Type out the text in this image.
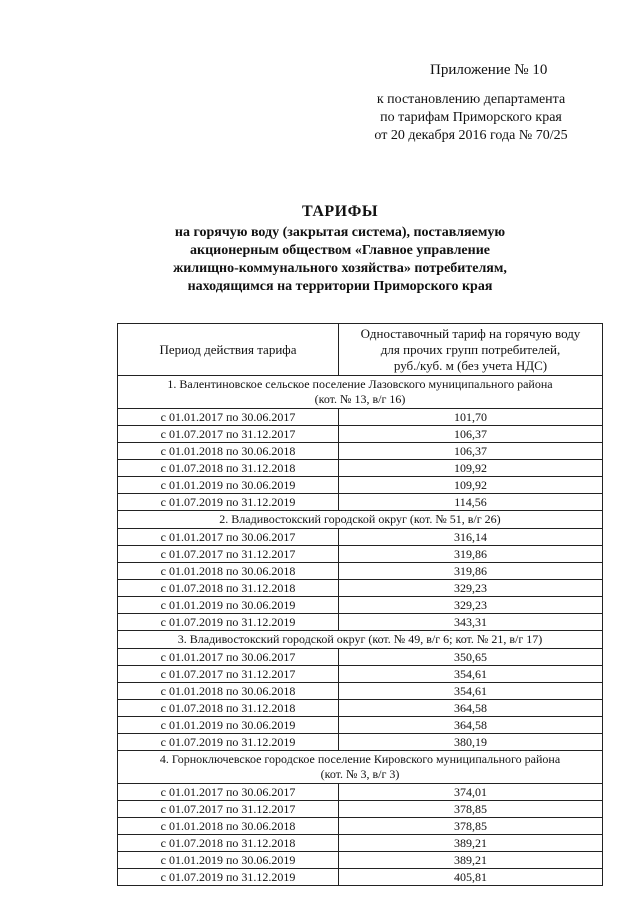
Приложение № 10
к постановлению департамента
по тарифам Приморского края
от 20 декабря 2016 года № 70/25
ТАРИФЫ
на горячую воду (закрытая система), поставляемую
акционерным обществом «Главное управление
жилищно-коммунального хозяйства» потребителям,
находящимся на территории Приморского края
Период действия тарифа	Одноставочный тариф на горячую воду
для прочих групп потребителей,
руб./куб. м (без учета НДС)

1. Валентиновское сельское поселение Лазовского муниципального района
(кот. № 13, в/г 16)	

с 01.01.2017 по 30.06.2017	101,70
с 01.07.2017 по 31.12.2017	106,37
с 01.01.2018 по 30.06.2018	106,37
с 01.07.2018 по 31.12.2018	109,92
с 01.01.2019 по 30.06.2019	109,92
с 01.07.2019 по 31.12.2019	114,56

2. Владивостокский городской округ (кот. № 51, в/г 26)	

с 01.01.2017 по 30.06.2017	316,14
с 01.07.2017 по 31.12.2017	319,86
с 01.01.2018 по 30.06.2018	319,86
с 01.07.2018 по 31.12.2018	329,23
с 01.01.2019 по 30.06.2019	329,23
с 01.07.2019 по 31.12.2019	343,31

3. Владивостокский городской округ (кот. № 49, в/г 6; кот. № 21, в/г 17)	

с 01.01.2017 по 30.06.2017	350,65
с 01.07.2017 по 31.12.2017	354,61
с 01.01.2018 по 30.06.2018	354,61
с 01.07.2018 по 31.12.2018	364,58
с 01.01.2019 по 30.06.2019	364,58
с 01.07.2019 по 31.12.2019	380,19

4. Горноключевское городское поселение Кировского муниципального района
(кот. № 3, в/г 3)	

с 01.01.2017 по 30.06.2017	374,01
с 01.07.2017 по 31.12.2017	378,85
с 01.01.2018 по 30.06.2018	378,85
с 01.07.2018 по 31.12.2018	389,21
с 01.01.2019 по 30.06.2019	389,21
с 01.07.2019 по 31.12.2019	405,81
